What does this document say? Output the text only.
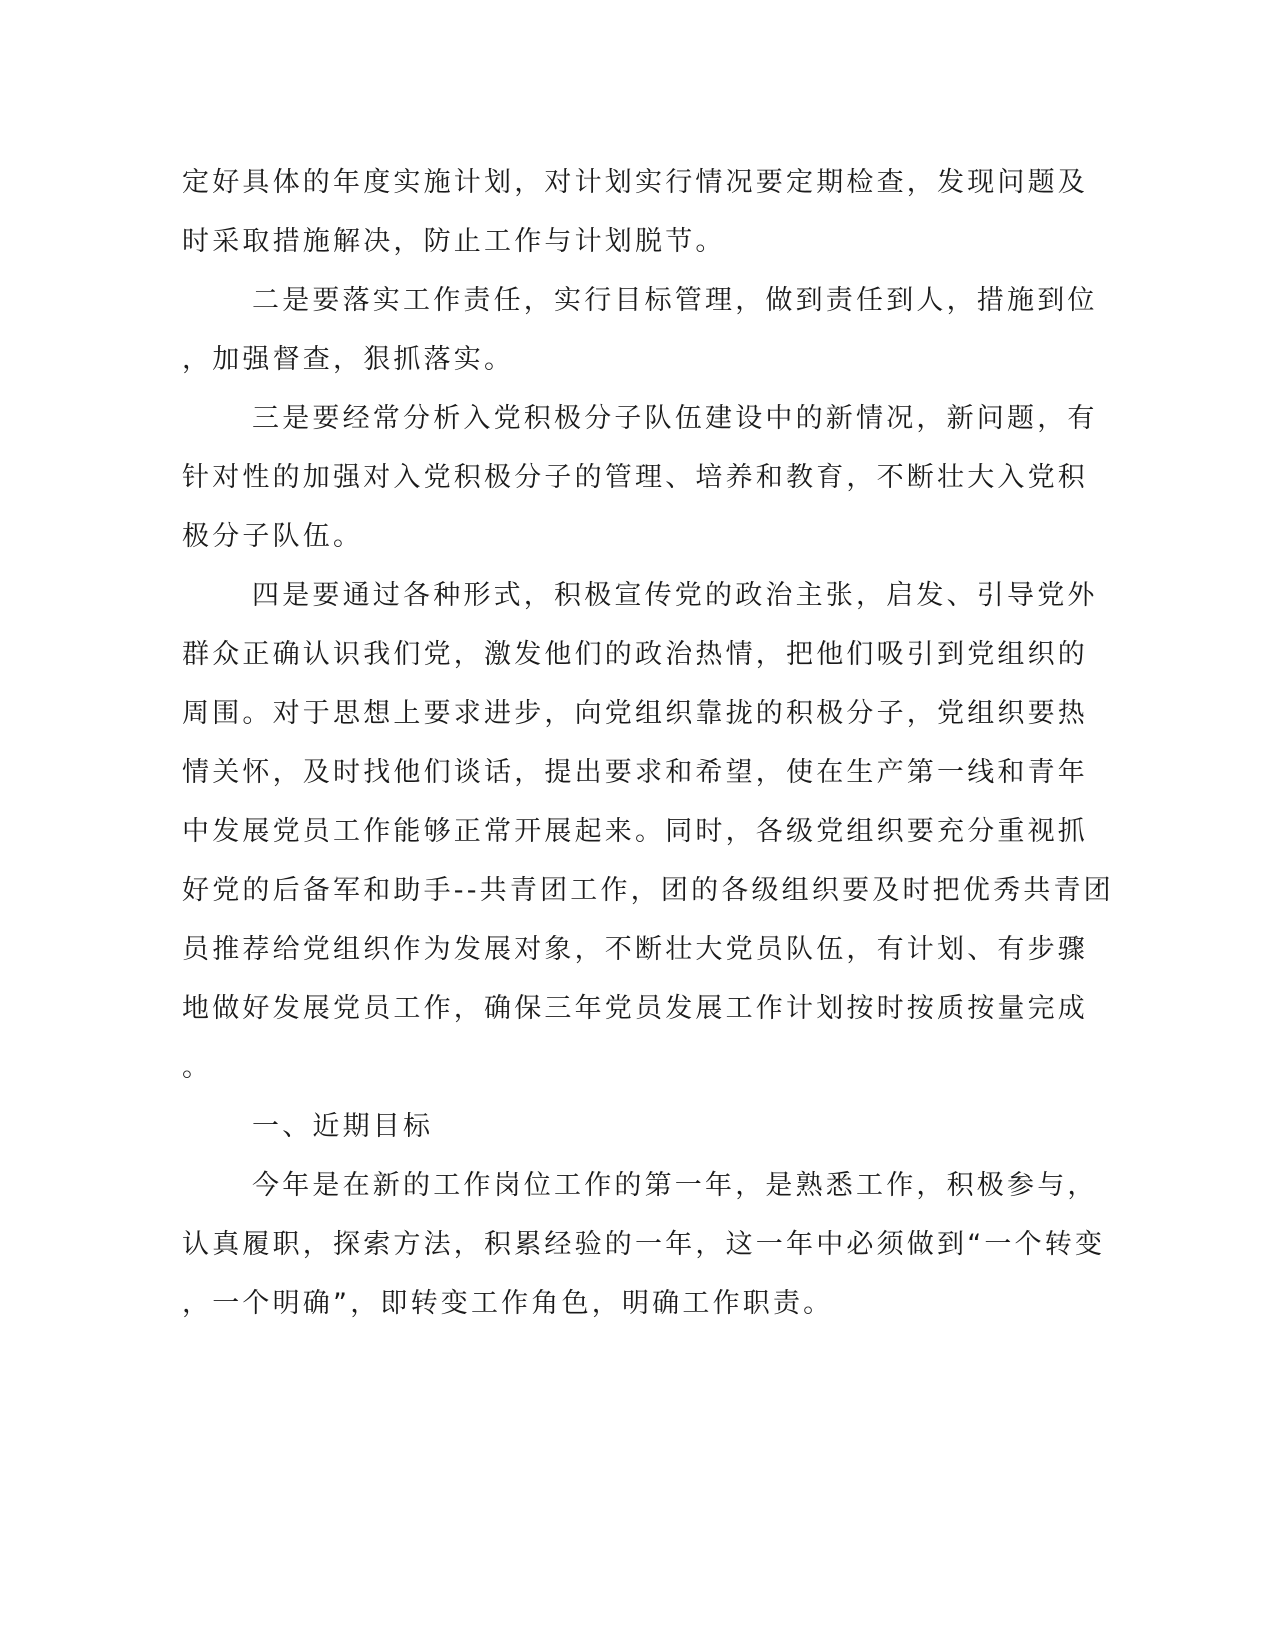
定好具体的年度实施计划，对计划实行情况要定期检查，发现问题及
时采取措施解决，防止工作与计划脱节。
二是要落实工作责任，实行目标管理，做到责任到人，措施到位
，加强督查，狠抓落实。
三是要经常分析入党积极分子队伍建设中的新情况，新问题，有
针对性的加强对入党积极分子的管理、培养和教育，不断壮大入党积
极分子队伍。
四是要通过各种形式，积极宣传党的政治主张，启发、引导党外
群众正确认识我们党，激发他们的政治热情，把他们吸引到党组织的
周围。对于思想上要求进步，向党组织靠拢的积极分子，党组织要热
情关怀，及时找他们谈话，提出要求和希望，使在生产第一线和青年
中发展党员工作能够正常开展起来。同时，各级党组织要充分重视抓
好党的后备军和助手--共青团工作，团的各级组织要及时把优秀共青团
员推荐给党组织作为发展对象，不断壮大党员队伍，有计划、有步骤
地做好发展党员工作，确保三年党员发展工作计划按时按质按量完成
。
一、近期目标
今年是在新的工作岗位工作的第一年，是熟悉工作，积极参与，
认真履职，探索方法，积累经验的一年，这一年中必须做到“一个转变
，一个明确”，即转变工作角色，明确工作职责。
